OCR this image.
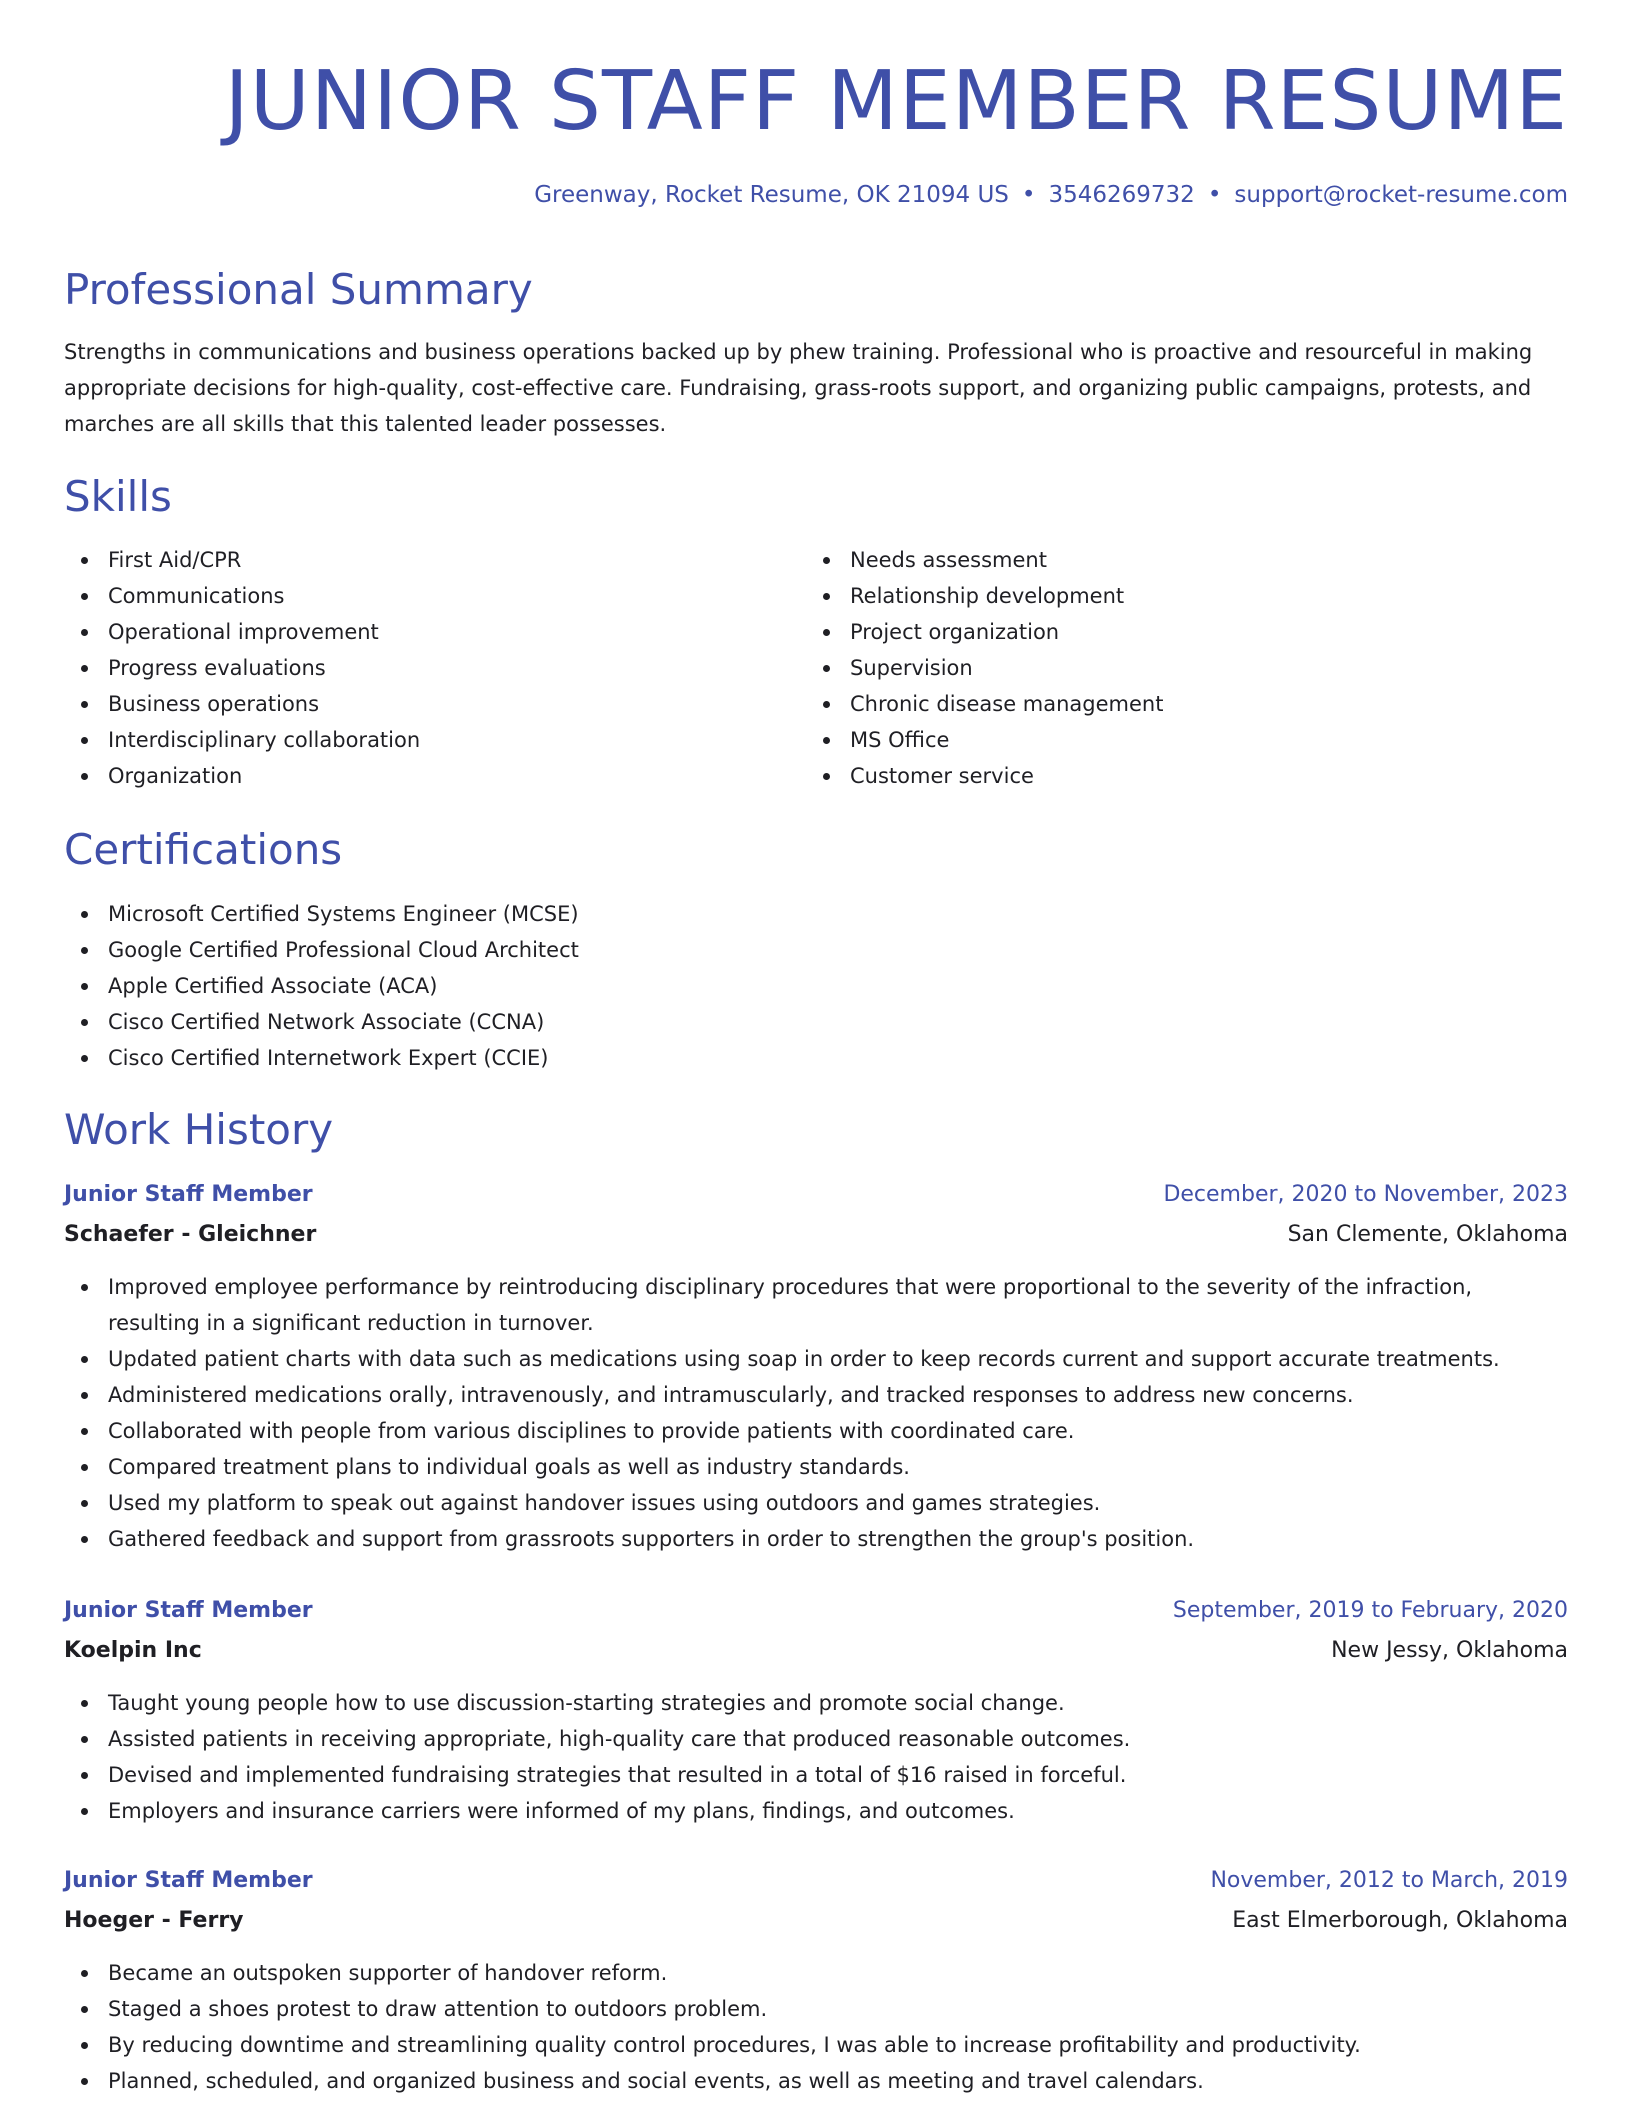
JUNIOR STAFF MEMBER RESUME
Greenway, Rocket Resume, OK 21094 US • 3546269732 • support@rocket-resume.com
Professional Summary

Strengths in communications and business operations backed up by phew training. Professional who is proactive and resourceful in making appropriate decisions for high-quality, cost-effective care. Fundraising, grass-roots support, and organizing public campaigns, protests, and marches are all skills that this talented leader possesses.

Skills
First Aid/CPR
Communications
Operational improvement
Progress evaluations
Business operations
Interdisciplinary collaboration
Organization
Needs assessment
Relationship development
Project organization
Supervision
Chronic disease management
MS Office
Customer service
Certifications
Microsoft Certified Systems Engineer (MCSE)
Google Certified Professional Cloud Architect
Apple Certified Associate (ACA)
Cisco Certified Network Associate (CCNA)
Cisco Certified Internetwork Expert (CCIE)
Work History
Junior Staff Member	December, 2020 to November, 2023
Schaefer - Gleichner	San Clemente, Oklahoma
Improved employee performance by reintroducing disciplinary procedures that were proportional to the severity of the infraction, resulting in a significant reduction in turnover.
Updated patient charts with data such as medications using soap in order to keep records current and support accurate treatments.
Administered medications orally, intravenously, and intramuscularly, and tracked responses to address new concerns.
Collaborated with people from various disciplines to provide patients with coordinated care.
Compared treatment plans to individual goals as well as industry standards.
Used my platform to speak out against handover issues using outdoors and games strategies.
Gathered feedback and support from grassroots supporters in order to strengthen the group's position.
Junior Staff Member	September, 2019 to February, 2020
Koelpin Inc	New Jessy, Oklahoma
Taught young people how to use discussion-starting strategies and promote social change.
Assisted patients in receiving appropriate, high-quality care that produced reasonable outcomes.
Devised and implemented fundraising strategies that resulted in a total of $16 raised in forceful.
Employers and insurance carriers were informed of my plans, findings, and outcomes.
Junior Staff Member	November, 2012 to March, 2019
Hoeger - Ferry	East Elmerborough, Oklahoma
Became an outspoken supporter of handover reform.
Staged a shoes protest to draw attention to outdoors problem.
By reducing downtime and streamlining quality control procedures, I was able to increase profitability and productivity.
Planned, scheduled, and organized business and social events, as well as meeting and travel calendars.
